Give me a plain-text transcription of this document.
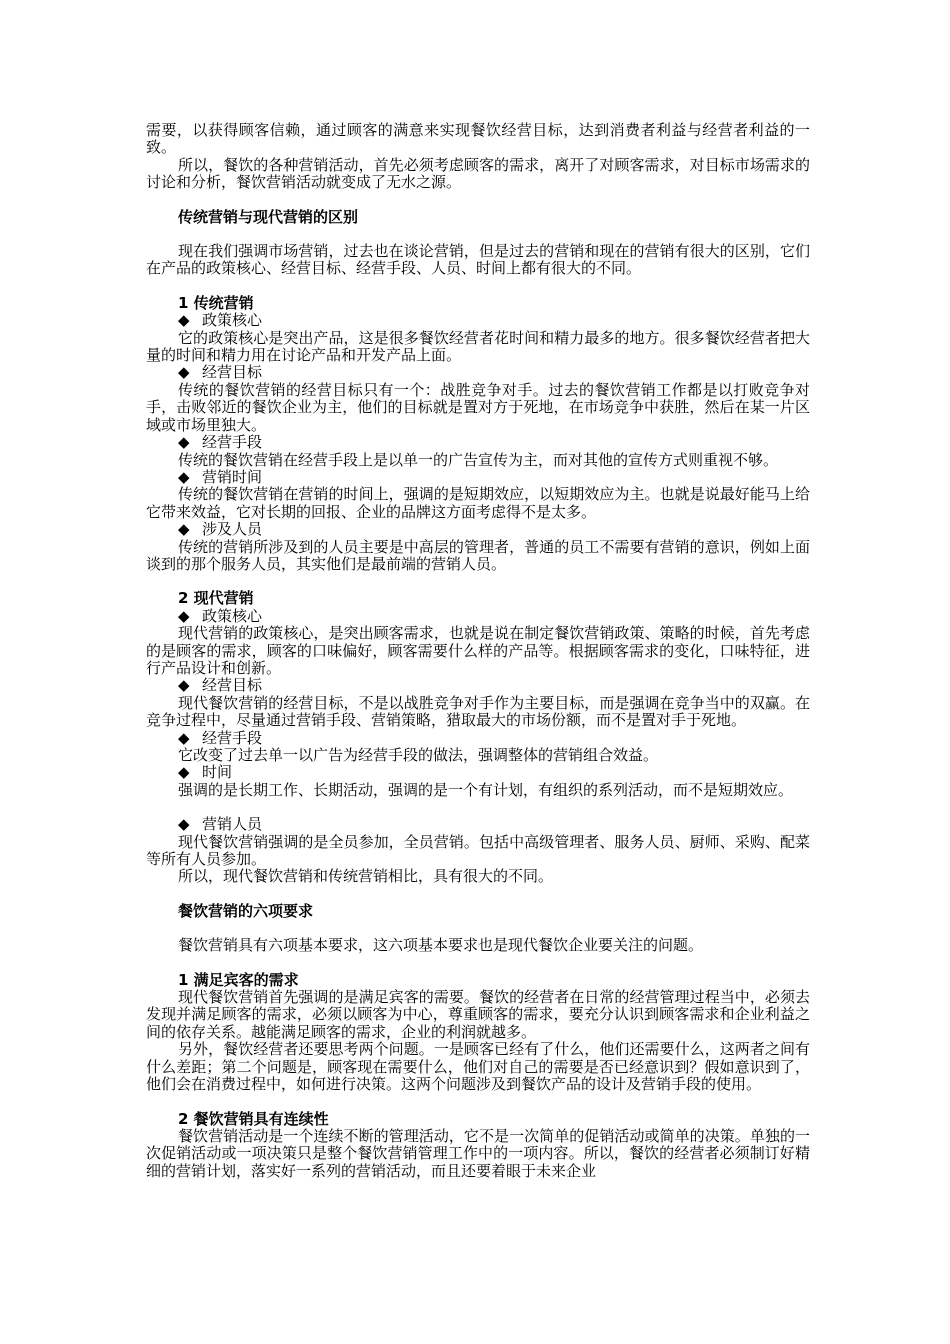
需要，以获得顾客信赖，通过顾客的满意来实现餐饮经营目标，达到消费者利益与经营者利益的一致。

所以，餐饮的各种营销活动，首先必须考虑顾客的需求，离开了对顾客需求，对目标市场需求的讨论和分析，餐饮营销活动就变成了无水之源。

传统营销与现代营销的区别

现在我们强调市场营销，过去也在谈论营销，但是过去的营销和现在的营销有很大的区别，它们在产品的政策核心、经营目标、经营手段、人员、时间上都有很大的不同。

1 传统营销

◆ 政策核心

它的政策核心是突出产品，这是很多餐饮经营者花时间和精力最多的地方。很多餐饮经营者把大量的时间和精力用在讨论产品和开发产品上面。

◆ 经营目标

传统的餐饮营销的经营目标只有一个：战胜竞争对手。过去的餐饮营销工作都是以打败竞争对手，击败邻近的餐饮企业为主，他们的目标就是置对方于死地，在市场竞争中获胜，然后在某一片区域或市场里独大。

◆ 经营手段

传统的餐饮营销在经营手段上是以单一的广告宣传为主，而对其他的宣传方式则重视不够。

◆ 营销时间

传统的餐饮营销在营销的时间上，强调的是短期效应，以短期效应为主。也就是说最好能马上给它带来效益，它对长期的回报、企业的品牌这方面考虑得不是太多。

◆ 涉及人员

传统的营销所涉及到的人员主要是中高层的管理者，普通的员工不需要有营销的意识，例如上面谈到的那个服务人员，其实他们是最前端的营销人员。

2 现代营销

◆ 政策核心

现代营销的政策核心，是突出顾客需求，也就是说在制定餐饮营销政策、策略的时候，首先考虑的是顾客的需求，顾客的口味偏好，顾客需要什么样的产品等。根据顾客需求的变化，口味特征，进行产品设计和创新。

◆ 经营目标

现代餐饮营销的经营目标，不是以战胜竞争对手作为主要目标，而是强调在竞争当中的双赢。在竞争过程中，尽量通过营销手段、营销策略，猎取最大的市场份额，而不是置对手于死地。

◆ 经营手段

它改变了过去单一以广告为经营手段的做法，强调整体的营销组合效益。

◆ 时间

强调的是长期工作、长期活动，强调的是一个有计划，有组织的系列活动，而不是短期效应。

◆ 营销人员

现代餐饮营销强调的是全员参加，全员营销。包括中高级管理者、服务人员、厨师、采购、配菜等所有人员参加。

所以，现代餐饮营销和传统营销相比，具有很大的不同。

餐饮营销的六项要求

餐饮营销具有六项基本要求，这六项基本要求也是现代餐饮企业要关注的问题。

1 满足宾客的需求

现代餐饮营销首先强调的是满足宾客的需要。餐饮的经营者在日常的经营管理过程当中，必须去发现并满足顾客的需求，必须以顾客为中心，尊重顾客的需求，要充分认识到顾客需求和企业利益之间的依存关系。越能满足顾客的需求，企业的利润就越多。

另外，餐饮经营者还要思考两个问题。一是顾客已经有了什么，他们还需要什么，这两者之间有什么差距；第二个问题是，顾客现在需要什么，他们对自己的需要是否已经意识到？假如意识到了，他们会在消费过程中，如何进行决策。这两个问题涉及到餐饮产品的设计及营销手段的使用。

2 餐饮营销具有连续性

餐饮营销活动是一个连续不断的管理活动，它不是一次简单的促销活动或简单的决策。单独的一次促销活动或一项决策只是整个餐饮营销管理工作中的一项内容。所以，餐饮的经营者必须制订好精细的营销计划，落实好一系列的营销活动，而且还要着眼于未来企业
